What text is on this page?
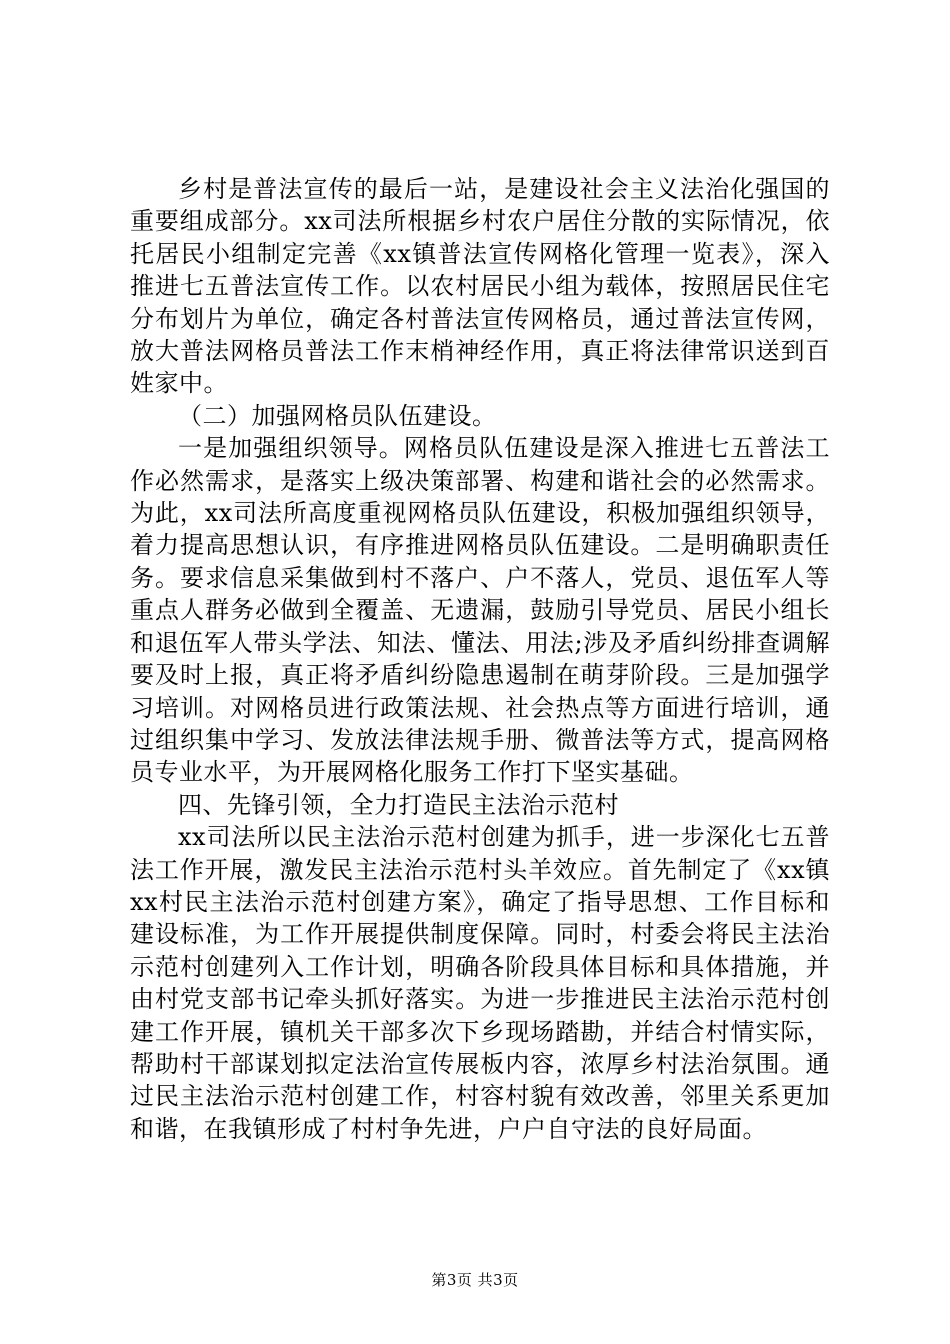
乡村是普法宣传的最后一站，是建设社会主义法治化强国的重要组成部分。xx司法所根据乡村农户居住分散的实际情况，依托居民小组制定完善《xx镇普法宣传网格化管理一览表》，深入推进七五普法宣传工作。以农村居民小组为载体，按照居民住宅分布划片为单位，确定各村普法宣传网格员，通过普法宣传网，放大普法网格员普法工作末梢神经作用，真正将法律常识送到百姓家中。

（二）加强网格员队伍建设。

一是加强组织领导。网格员队伍建设是深入推进七五普法工作必然需求，是落实上级决策部署、构建和谐社会的必然需求。为此，xx司法所高度重视网格员队伍建设，积极加强组织领导，着力提高思想认识，有序推进网格员队伍建设。二是明确职责任务。要求信息采集做到村不落户、户不落人，党员、退伍军人等重点人群务必做到全覆盖、无遗漏，鼓励引导党员、居民小组长和退伍军人带头学法、知法、懂法、用法;涉及矛盾纠纷排查调解要及时上报，真正将矛盾纠纷隐患遏制在萌芽阶段。三是加强学习培训。对网格员进行政策法规、社会热点等方面进行培训，通过组织集中学习、发放法律法规手册、微普法等方式，提高网格员专业水平，为开展网格化服务工作打下坚实基础。

四、先锋引领，全力打造民主法治示范村

xx司法所以民主法治示范村创建为抓手，进一步深化七五普法工作开展，激发民主法治示范村头羊效应。首先制定了《xx镇xx村民主法治示范村创建方案》，确定了指导思想、工作目标和建设标准，为工作开展提供制度保障。同时，村委会将民主法治示范村创建列入工作计划，明确各阶段具体目标和具体措施，并由村党支部书记牵头抓好落实。为进一步推进民主法治示范村创建工作开展，镇机关干部多次下乡现场踏勘，并结合村情实际，帮助村干部谋划拟定法治宣传展板内容，浓厚乡村法治氛围。通过民主法治示范村创建工作，村容村貌有效改善，邻里关系更加和谐，在我镇形成了村村争先进，户户自守法的良好局面。

第3页 共3页
